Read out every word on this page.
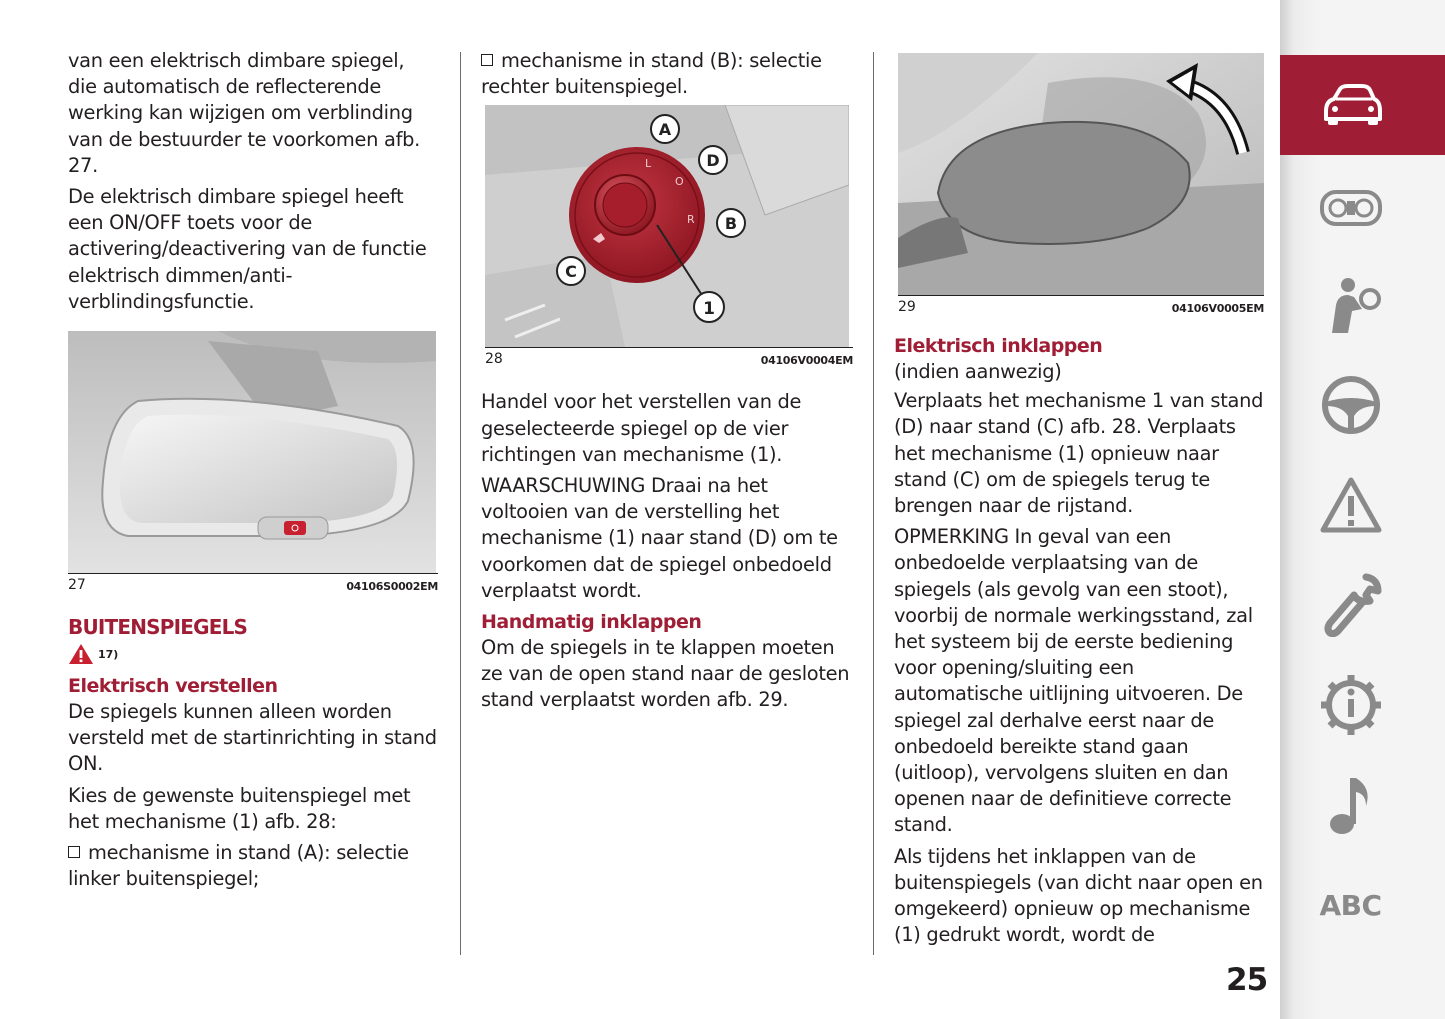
van een elektrisch dimbare spiegel, die automatisch de reflecterende werking kan wijzigen om verblinding van de bestuurder te voorkomen afb. 27.

De elektrisch dimbare spiegel heeft een ON/OFF toets voor de activering/deactivering van de functie elektrisch dimmen/anti-verblindingsfunctie.

27	04106S0002EM

BUITENSPIEGELS

17)

Elektrisch verstellen

De spiegels kunnen alleen worden versteld met de startinrichting in stand ON.

Kies de gewenste buitenspiegel met het mechanisme (1) afb. 28:

mechanisme in stand (A): selectie linker buitenspiegel;

mechanisme in stand (B): selectie rechter buitenspiegel.

L
O
R
A
D
B
C
1
28	04106V0004EM

Handel voor het verstellen van de geselecteerde spiegel op de vier richtingen van mechanisme (1).

WAARSCHUWING Draai na het voltooien van de verstelling het mechanisme (1) naar stand (D) om te voorkomen dat de spiegel onbedoeld verplaatst wordt.

Handmatig inklappen

Om de spiegels in te klappen moeten ze van de open stand naar de gesloten stand verplaatst worden afb. 29.

29	04106V0005EM

Elektrisch inklappen

(indien aanwezig)

Verplaats het mechanisme 1 van stand (D) naar stand (C) afb. 28. Verplaats het mechanisme (1) opnieuw naar stand (C) om de spiegels terug te brengen naar de rijstand.

OPMERKING In geval van een onbedoelde verplaatsing van de spiegels (als gevolg van een stoot), voorbij de normale werkingsstand, zal het systeem bij de eerste bediening voor opening/sluiting een automatische uitlijning uitvoeren. De spiegel zal derhalve eerst naar de onbedoeld bereikte stand gaan (uitloop), vervolgens sluiten en dan openen naar de definitieve correcte stand.

Als tijdens het inklappen van de buitenspiegels (van dicht naar open en omgekeerd) opnieuw op mechanisme (1) gedrukt wordt, wordt de

25
ABC
